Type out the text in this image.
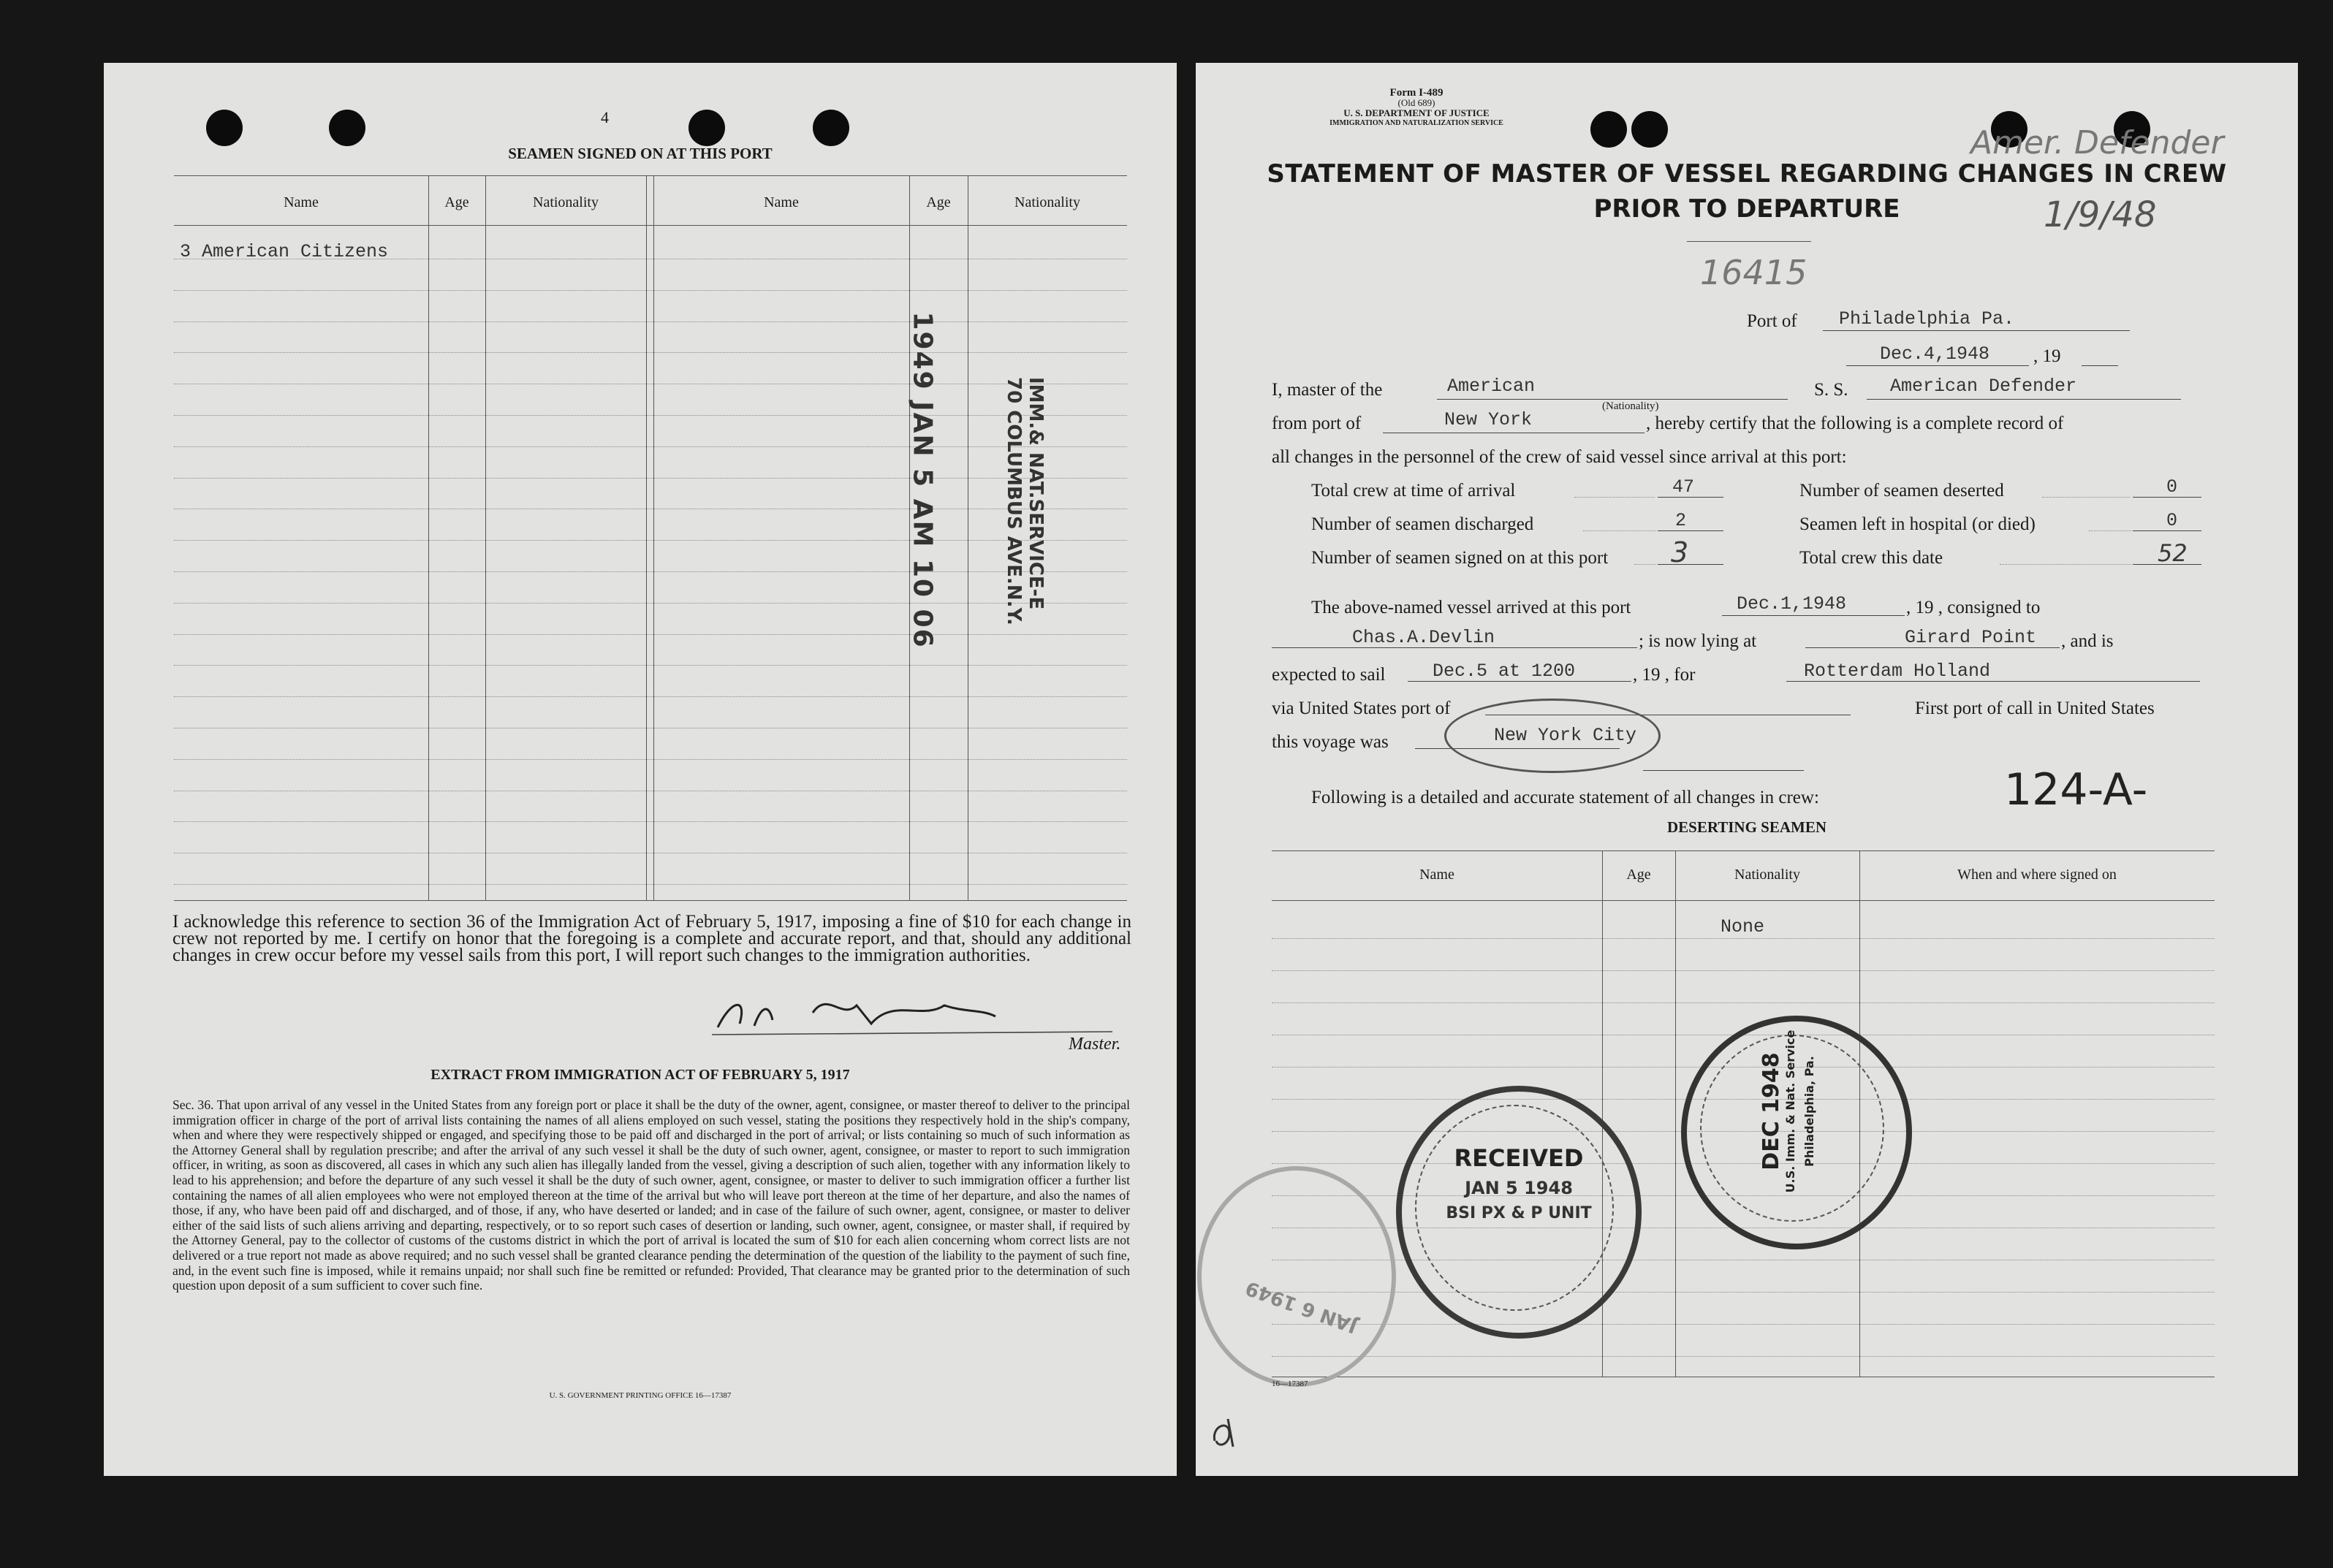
4
SEAMEN SIGNED ON AT THIS PORT
Name	Age	Nationality	Name	Age	Nationality
3 American Citizens
1949 JAN 5 AM 10 06	IMM.& NAT.SERVICE-E
70 COLUMBUS AVE.N.Y.
I acknowledge this reference to section 36 of the Immigration Act of February 5, 1917, imposing a fine of $10 for each change in crew not reported by me. I certify on honor that the foregoing is a complete and accurate report, and that, should any additional changes in crew occur before my vessel sails from this port, I will report such changes to the immigration authorities.
Master.
EXTRACT FROM IMMIGRATION ACT OF FEBRUARY 5, 1917
Sec. 36. That upon arrival of any vessel in the United States from any foreign port or place it shall be the duty of the owner, agent, consignee, or master thereof to deliver to the principal immigration officer in charge of the port of arrival lists containing the names of all aliens employed on such vessel, stating the positions they respectively hold in the ship's company, when and where they were respectively shipped or engaged, and specifying those to be paid off and discharged in the port of arrival; or lists containing so much of such information as the Attorney General shall by regulation prescribe; and after the arrival of any such vessel it shall be the duty of such owner, agent, consignee, or master to report to such immigration officer, in writing, as soon as discovered, all cases in which any such alien has illegally landed from the vessel, giving a description of such alien, together with any information likely to lead to his apprehension; and before the departure of any such vessel it shall be the duty of such owner, agent, consignee, or master to deliver to such immigration officer a further list containing the names of all alien employees who were not employed thereon at the time of the arrival but who will leave port thereon at the time of her departure, and also the names of those, if any, who have been paid off and discharged, and of those, if any, who have deserted or landed; and in case of the failure of such owner, agent, consignee, or master to deliver either of the said lists of such aliens arriving and departing, respectively, or to so report such cases of desertion or landing, such owner, agent, consignee, or master shall, if required by the Attorney General, pay to the collector of customs of the customs district in which the port of arrival is located the sum of $10 for each alien concerning whom correct lists are not delivered or a true report not made as above required; and no such vessel shall be granted clearance pending the determination of the question of the liability to the payment of such fine, and, in the event such fine is imposed, while it remains unpaid; nor shall such fine be remitted or refunded: Provided, That clearance may be granted prior to the determination of such question upon deposit of a sum sufficient to cover such fine.
U. S. GOVERNMENT PRINTING OFFICE 16—17387
Form I-489
(Old 689)
U. S. DEPARTMENT OF JUSTICE
IMMIGRATION AND NATURALIZATION SERVICE
Amer. Defender
1/9/48
16415
STATEMENT OF MASTER OF VESSEL REGARDING CHANGES IN CREW
PRIOR TO DEPARTURE
Port of Philadelphia Pa.
Dec.4,1948 , 19
I, master of the	American
(Nationality)
S. S. American Defender
from port of	New York	, hereby certify that the following is a complete record of
all changes in the personnel of the crew of said vessel since arrival at this port:
Total crew at time of arrival	47	Number of seamen deserted	0
Number of seamen discharged	2	Seamen left in hospital (or died)	0
Number of seamen signed on at this port 3	Total crew this date	52
The above-named vessel arrived at this port	Dec.1,1948	, 19 , consigned to
Chas.A.Devlin	; is now lying at	Girard Point , and is
expected to sail	Dec.5 at 1200	, 19 , for	Rotterdam Holland
via United States port of	First port of call in United States
this voyage was	New York City
Following is a detailed and accurate statement of all changes in crew:	124-A-
DESERTING SEAMEN
Name	Age	Nationality	When and where signed on
None
JAN 6 1949
RECEIVED
JAN 5 1948
BSI PX & P UNIT
DEC 1948 U.S. Imm. & Nat. Service Philadelphia, Pa.
16—17387
